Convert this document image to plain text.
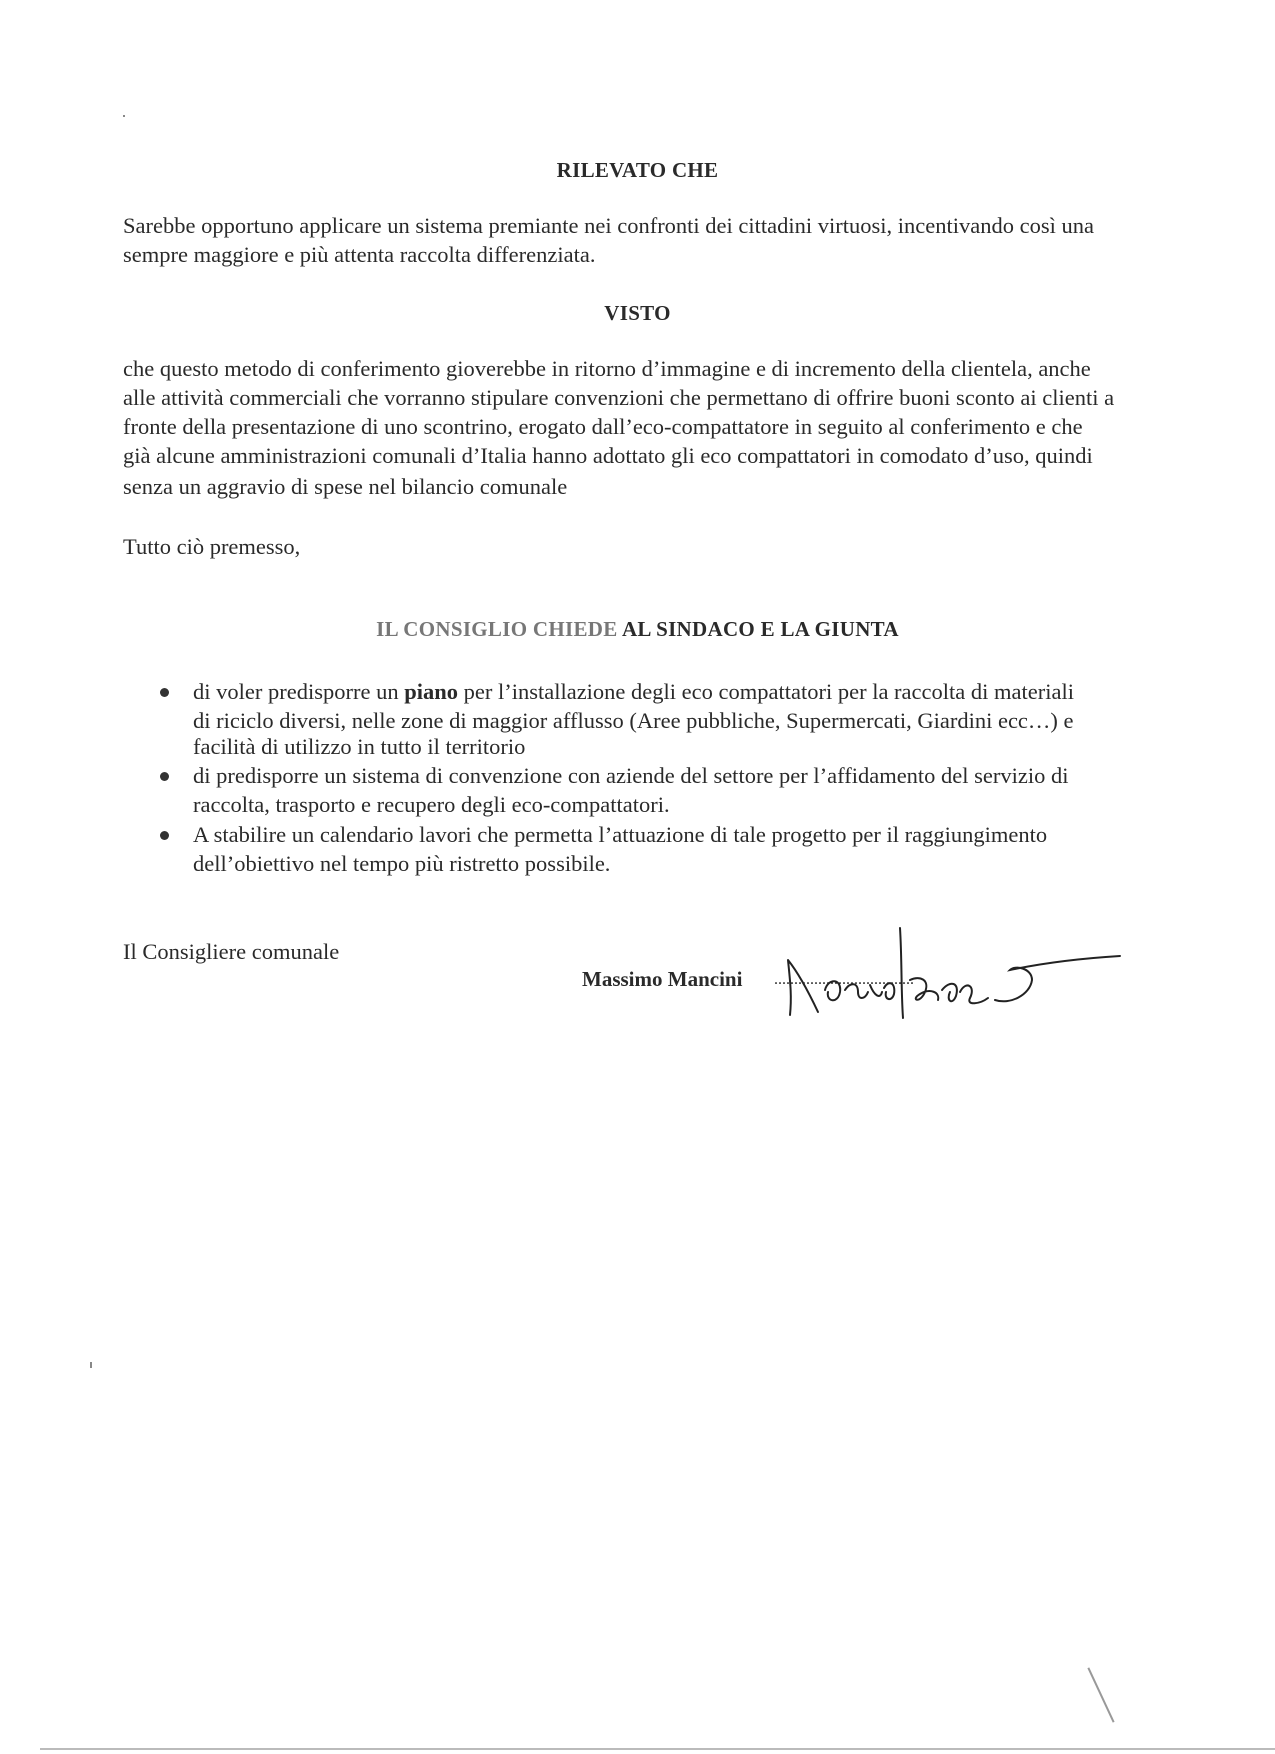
RILEVATO CHE
Sarebbe opportuno applicare un sistema premiante nei confronti dei cittadini virtuosi, incentivando così una
sempre maggiore e più attenta raccolta differenziata.
VISTO
che questo metodo di conferimento gioverebbe in ritorno d’immagine e di incremento della clientela, anche
alle attività commerciali che vorranno stipulare convenzioni che permettano di offrire buoni sconto ai clienti a
fronte della presentazione di uno scontrino, erogato dall’eco-compattatore in seguito al conferimento e che
già alcune amministrazioni comunali d’Italia hanno adottato gli eco compattatori in comodato d’uso, quindi
senza un aggravio di spese nel bilancio comunale
Tutto ciò premesso,
IL CONSIGLIO CHIEDE AL SINDACO E LA GIUNTA
di voler predisporre un piano per l’installazione degli eco compattatori per la raccolta di materiali
di riciclo diversi, nelle zone di maggior afflusso (Aree pubbliche, Supermercati, Giardini ecc…) e
facilità di utilizzo in tutto il territorio
di predisporre un sistema di convenzione con aziende del settore per l’affidamento del servizio di
raccolta, trasporto e recupero degli eco-compattatori.
A stabilire un calendario lavori che permetta l’attuazione di tale progetto per il raggiungimento
dell’obiettivo nel tempo più ristretto possibile.
Il Consigliere comunale
Massimo Mancini ...................................
